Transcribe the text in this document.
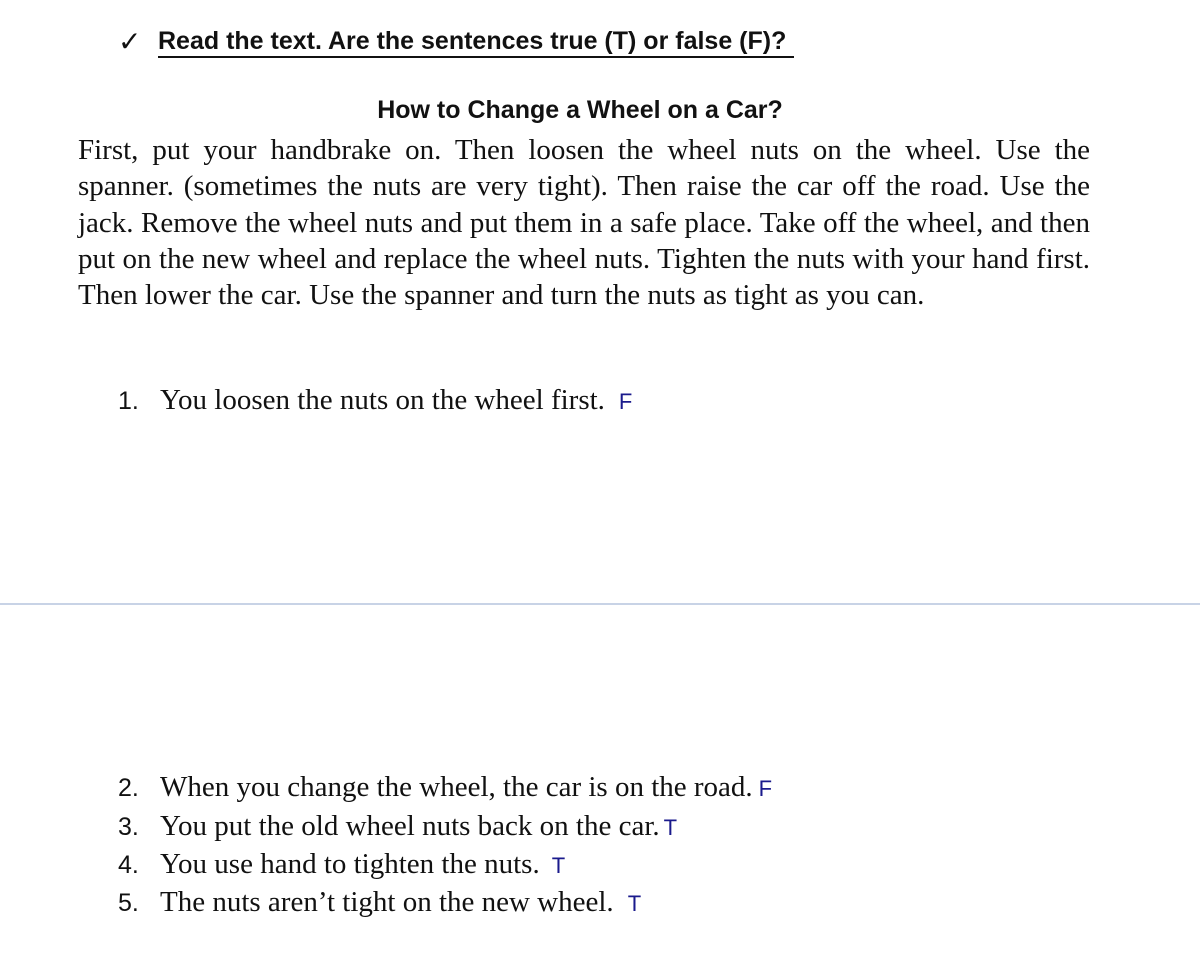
✓ Read the text. Are the sentences true (T) or false (F)?
How to Change a Wheel on a Car?

First, put your handbrake on. Then loosen the wheel nuts on the wheel. Use the spanner. (sometimes the nuts are very tight). Then raise the car off the road. Use the jack. Remove the wheel nuts and put them in a safe place. Take off the wheel, and then put on the new wheel and replace the wheel nuts. Tighten the nuts with your hand first. Then lower the car. Use the spanner and turn the nuts as tight as you can.

1. You loosen the nuts on the wheel first. F
2. When you change the wheel, the car is on the road. F
3. You put the old wheel nuts back on the car. T
4. You use hand to tighten the nuts. T
5. The nuts aren’t tight on the new wheel. T
